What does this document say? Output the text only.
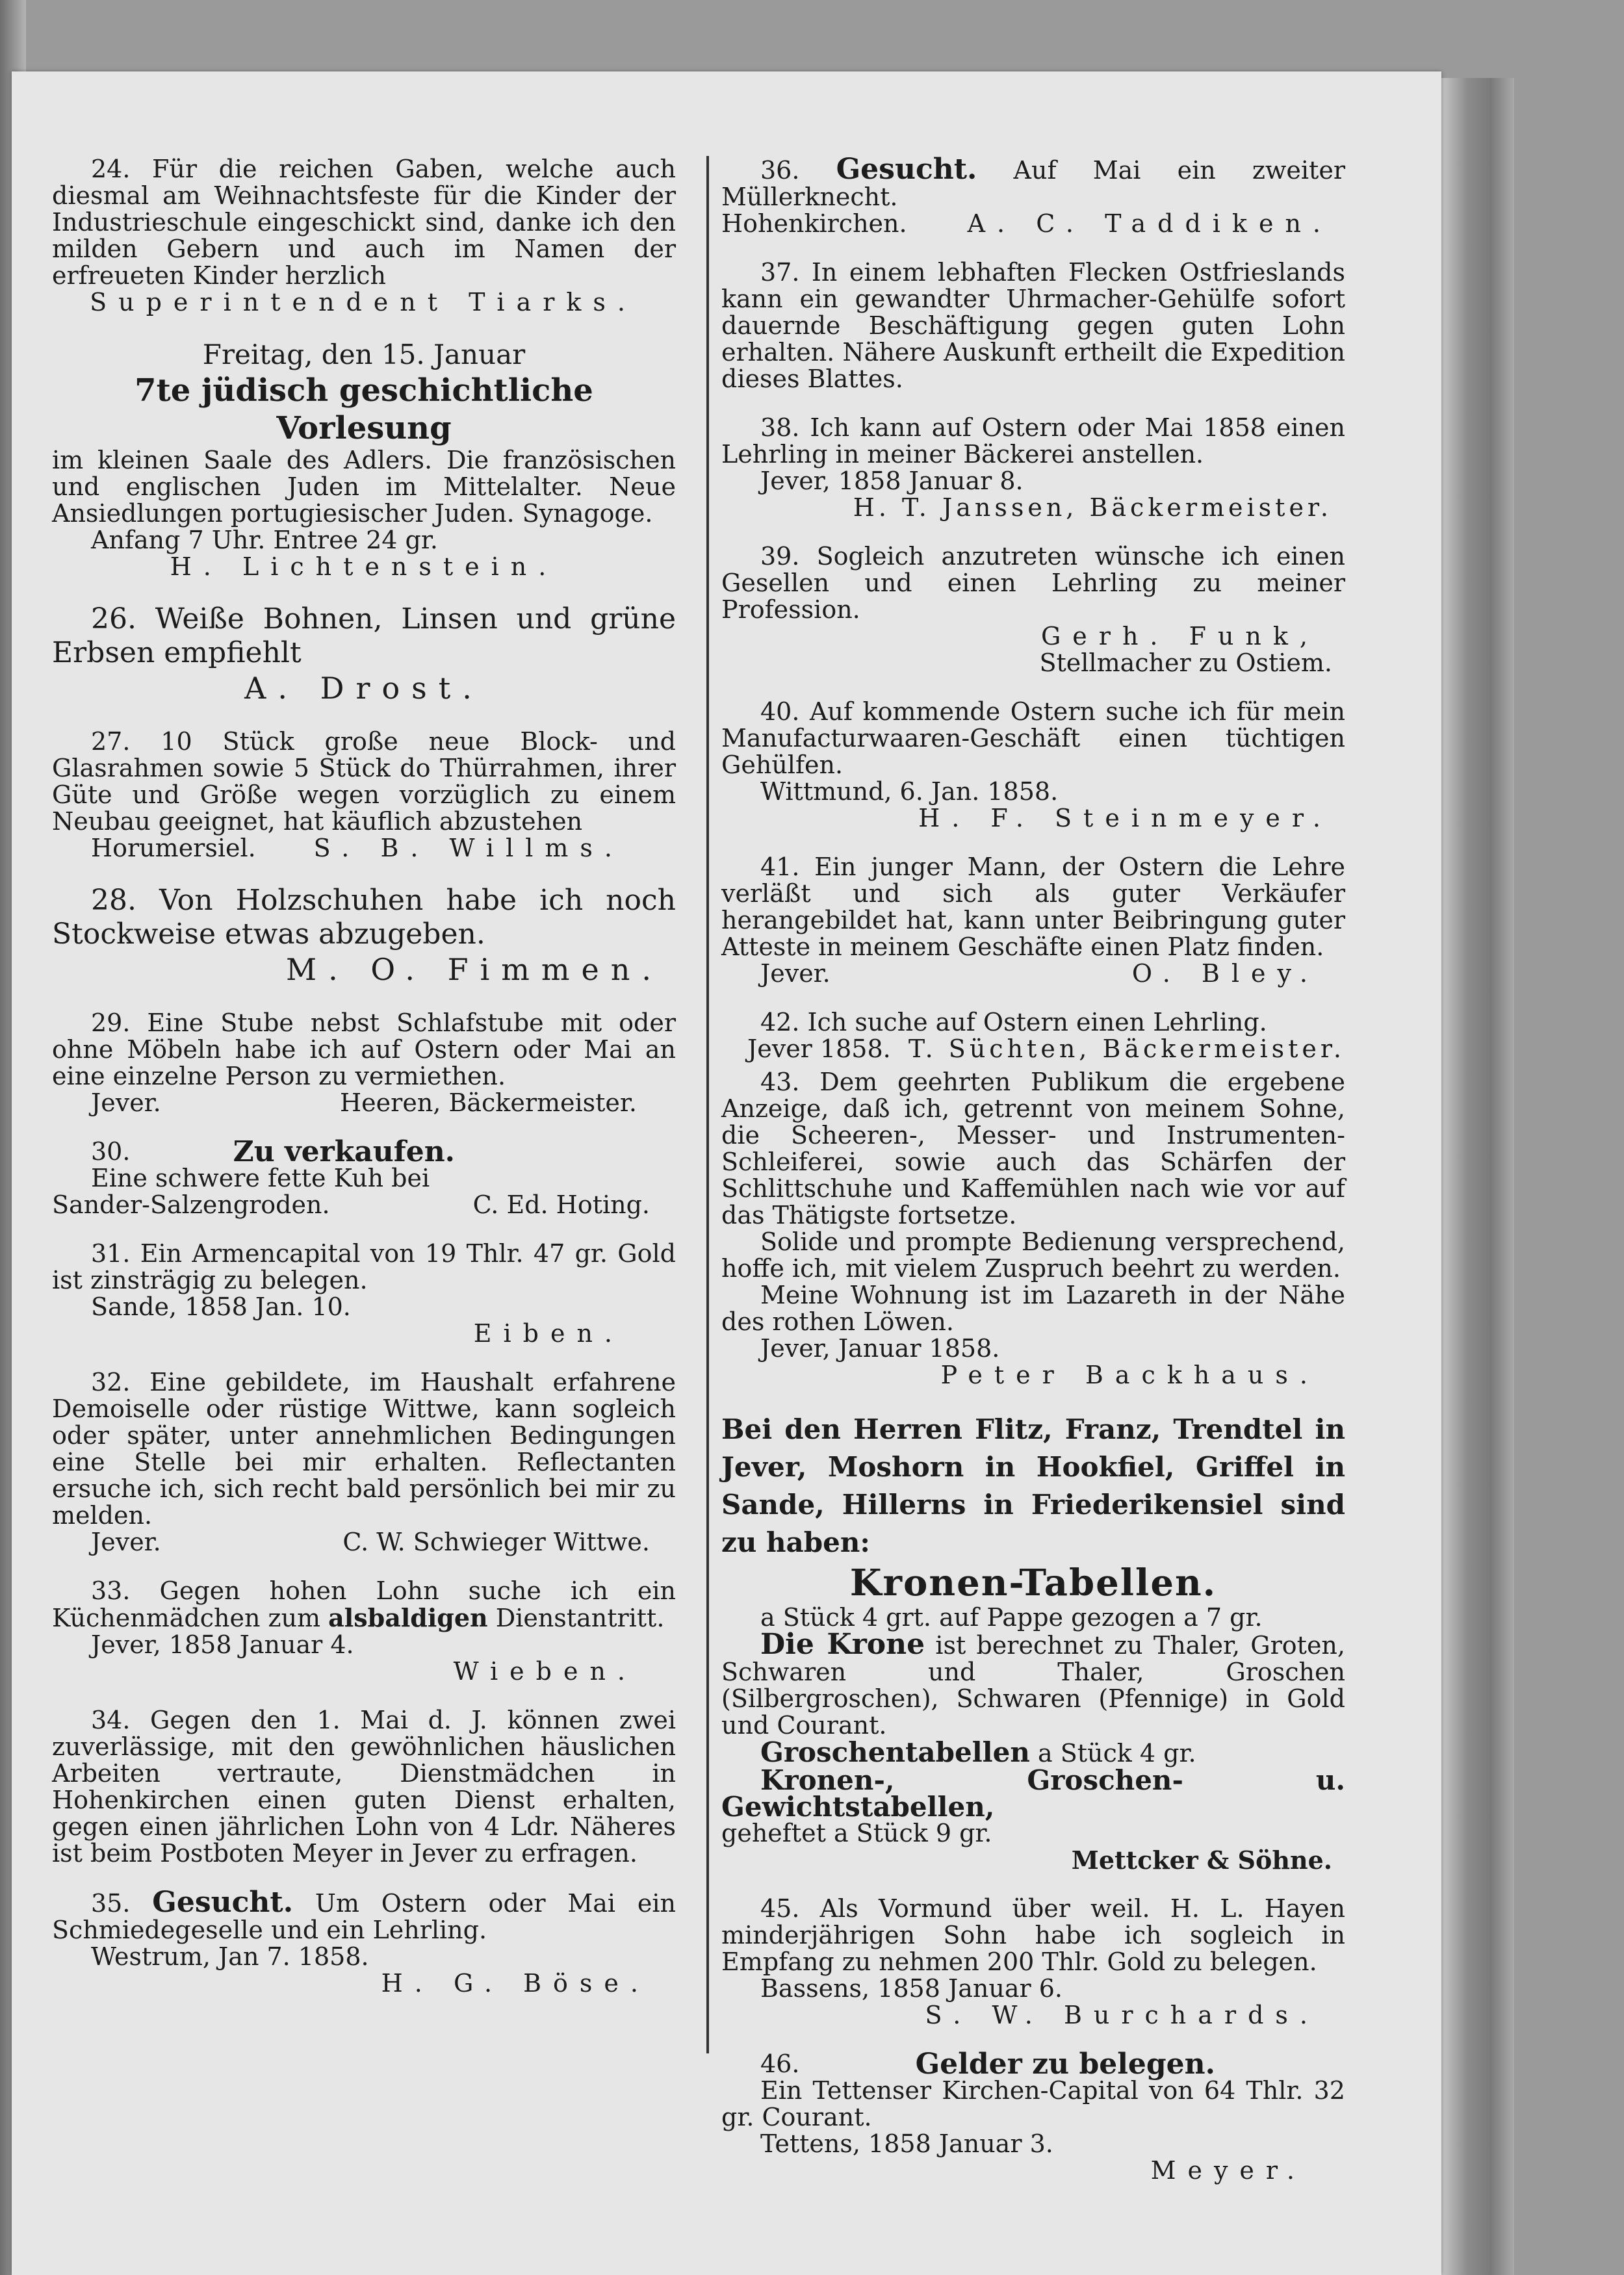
24. Für die reichen Gaben, welche auch diesmal am Weihnachtsfeste für die Kinder der Industrieschule eingeschickt sind, danke ich den milden Gebern und auch im Namen der erfreueten Kinder herzlich

Superintendent Tiarks.

Freitag, den 15. Januar

7te jüdisch geschichtliche Vorlesung

im kleinen Saale des Adlers. Die französischen und englischen Juden im Mittelalter. Neue Ansiedlungen portugiesischer Juden. Synagoge.

Anfang 7 Uhr. Entree 24 gr.

H. Lichtenstein.

26. Weiße Bohnen, Linsen und grüne Erbsen empfiehlt

A. Drost.

27. 10 Stück große neue Block- und Glasrahmen sowie 5 Stück do Thürrahmen, ihrer Güte und Größe wegen vorzüglich zu einem Neubau geeignet, hat käuflich abzustehen

Horumersiel. S. B. Willms.

28. Von Holzschuhen habe ich noch Stockweise etwas abzugeben.

M. O. Fimmen.

29. Eine Stube nebst Schlafstube mit oder ohne Möbeln habe ich auf Ostern oder Mai an eine einzelne Person zu vermiethen.

Jever.	Heeren, Bäckermeister.
30.	Zu verkaufen.

Eine schwere fette Kuh bei

Sander-Salzengroden.	C. Ed. Hoting.

31. Ein Armencapital von 19 Thlr. 47 gr. Gold ist zinsträgig zu belegen.

Sande, 1858 Jan. 10.

Eiben.

32. Eine gebildete, im Haushalt erfahrene Demoiselle oder rüstige Wittwe, kann sogleich oder später, unter annehmlichen Bedingungen eine Stelle bei mir erhalten. Reflectanten ersuche ich, sich recht bald persönlich bei mir zu melden.

Jever.	C. W. Schwieger Wittwe.

33. Gegen hohen Lohn suche ich ein Küchenmädchen zum alsbaldigen Dienstantritt.

Jever, 1858 Januar 4.

Wieben.

34. Gegen den 1. Mai d. J. können zwei zuverlässige, mit den gewöhnlichen häuslichen Arbeiten vertraute, Dienstmädchen in Hohenkirchen einen guten Dienst erhalten, gegen einen jährlichen Lohn von 4 Ldr. Näheres ist beim Postboten Meyer in Jever zu erfragen.

35. Gesucht. Um Ostern oder Mai ein Schmiedegeselle und ein Lehrling.

Westrum, Jan 7. 1858.

H. G. Böse.

36. Gesucht. Auf Mai ein zweiter Müllerknecht.

Hohenkirchen. A. C. Taddiken.

37. In einem lebhaften Flecken Ostfrieslands kann ein gewandter Uhrmacher-Gehülfe sofort dauernde Beschäftigung gegen guten Lohn erhalten. Nähere Auskunft ertheilt die Expedition dieses Blattes.

38. Ich kann auf Ostern oder Mai 1858 einen Lehrling in meiner Bäckerei anstellen.

Jever, 1858 Januar 8.

H. T. Janssen, Bäckermeister.

39. Sogleich anzutreten wünsche ich einen Gesellen und einen Lehrling zu meiner Profession.

Gerh. Funk,

Stellmacher zu Ostiem.

40. Auf kommende Ostern suche ich für mein Manufacturwaaren-Geschäft einen tüchtigen Gehülfen.

Wittmund, 6. Jan. 1858.

H. F. Steinmeyer.

41. Ein junger Mann, der Ostern die Lehre verläßt und sich als guter Verkäufer herangebildet hat, kann unter Beibringung guter Atteste in meinem Geschäfte einen Platz finden.

Jever.	O. Bley.

42. Ich suche auf Ostern einen Lehrling.

Jever 1858. T. Süchten, Bäckermeister.

43. Dem geehrten Publikum die ergebene Anzeige, daß ich, getrennt von meinem Sohne, die Scheeren-, Messer- und Instrumenten-Schleiferei, sowie auch das Schärfen der Schlittschuhe und Kaffemühlen nach wie vor auf das Thätigste fortsetze.

Solide und prompte Bedienung versprechend, hoffe ich, mit vielem Zuspruch beehrt zu werden.

Meine Wohnung ist im Lazareth in der Nähe des rothen Löwen.

Jever, Januar 1858.

Peter Backhaus.

Bei den Herren Flitz, Franz, Trendtel in Jever, Moshorn in Hookfiel, Griffel in Sande, Hillerns in Friederikensiel sind zu haben:

Kronen-Tabellen.

a Stück 4 grt. auf Pappe gezogen a 7 gr.

Die Krone ist berechnet zu Thaler, Groten, Schwaren und Thaler, Groschen (Silbergroschen), Schwaren (Pfennige) in Gold und Courant.

Groschentabellen a Stück 4 gr.

Kronen-, Groschen- u. Gewichtstabellen,

geheftet a Stück 9 gr.

Mettcker & Söhne.

45. Als Vormund über weil. H. L. Hayen minderjährigen Sohn habe ich sogleich in Empfang zu nehmen 200 Thlr. Gold zu belegen.

Bassens, 1858 Januar 6.

S. W. Burchards.

46.	Gelder zu belegen.

Ein Tettenser Kirchen-Capital von 64 Thlr. 32 gr. Courant.

Tettens, 1858 Januar 3.

Meyer.
